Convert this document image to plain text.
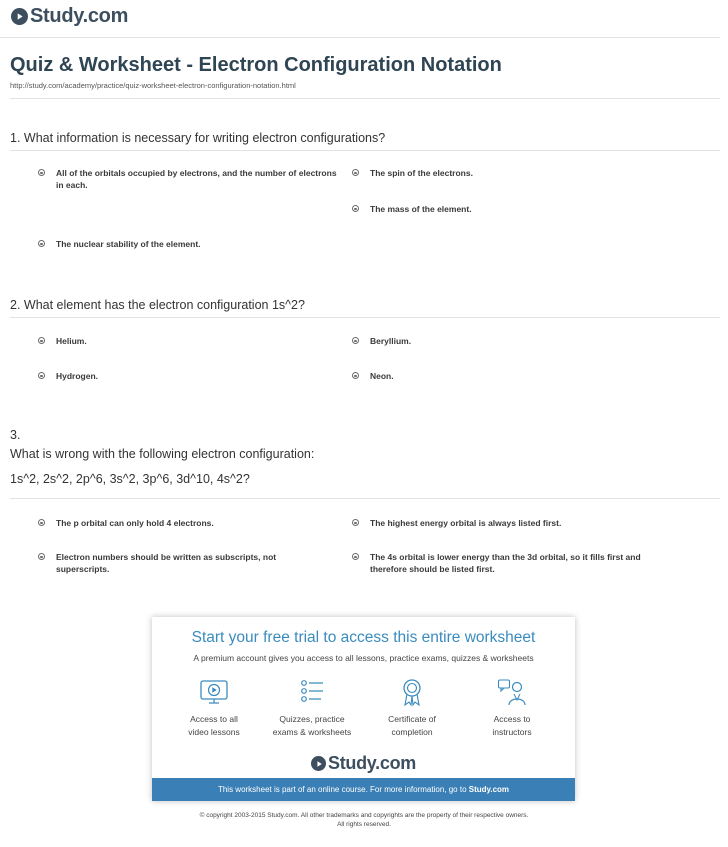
Study.com
Quiz & Worksheet - Electron Configuration Notation
http://study.com/academy/practice/quiz-worksheet-electron-configuration-notation.html
1. What information is necessary for writing electron configurations?
All of the orbitals occupied by electrons, and the number of electrons in each.
The spin of the electrons.
The mass of the element.
The nuclear stability of the element.
2. What element has the electron configuration 1s^2?
Helium.	Beryllium.
Hydrogen.	Neon.
3.
What is wrong with the following electron configuration:
1s^2, 2s^2, 2p^6, 3s^2, 3p^6, 3d^10, 4s^2?
The p orbital can only hold 4 electrons.	The highest energy orbital is always listed first.
Electron numbers should be written as subscripts, not superscripts.
The 4s orbital is lower energy than the 3d orbital, so it fills first and therefore should be listed first.
Start your free trial to access this entire worksheet
A premium account gives you access to all lessons, practice exams, quizzes & worksheets
Access to all
video lessons
Quizzes, practice
exams & worksheets
Certificate of
completion
Access to
instructors
Study.com
This worksheet is part of an online course. For more information, go to Study.com
© copyright 2003-2015 Study.com. All other trademarks and copyrights are the property of their respective owners.
All rights reserved.
